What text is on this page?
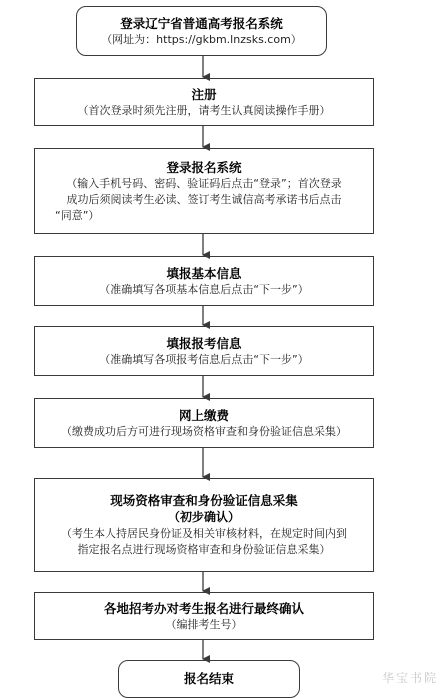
登录辽宁省普通高考报名系统
（网址为：https://gkbm.lnzsks.com）
注册
（首次登录时须先注册，请考生认真阅读操作手册）
登录报名系统
（输入手机号码、密码、验证码后点击“登录”；首次登录
成功后须阅读考生必读、签订考生诚信高考承诺书后点击
“同意”）
填报基本信息
（准确填写各项基本信息后点击“下一步”）
填报报考信息
（准确填写各项报考信息后点击“下一步”）
网上缴费
（缴费成功后方可进行现场资格审查和身份验证信息采集）
现场资格审查和身份验证信息采集
（初步确认）
（考生本人持居民身份证及相关审核材料，在规定时间内到
指定报名点进行现场资格审查和身份验证信息采集）
各地招考办对考生报名进行最终确认
（编排考生号）
报名结束	华宝书院
